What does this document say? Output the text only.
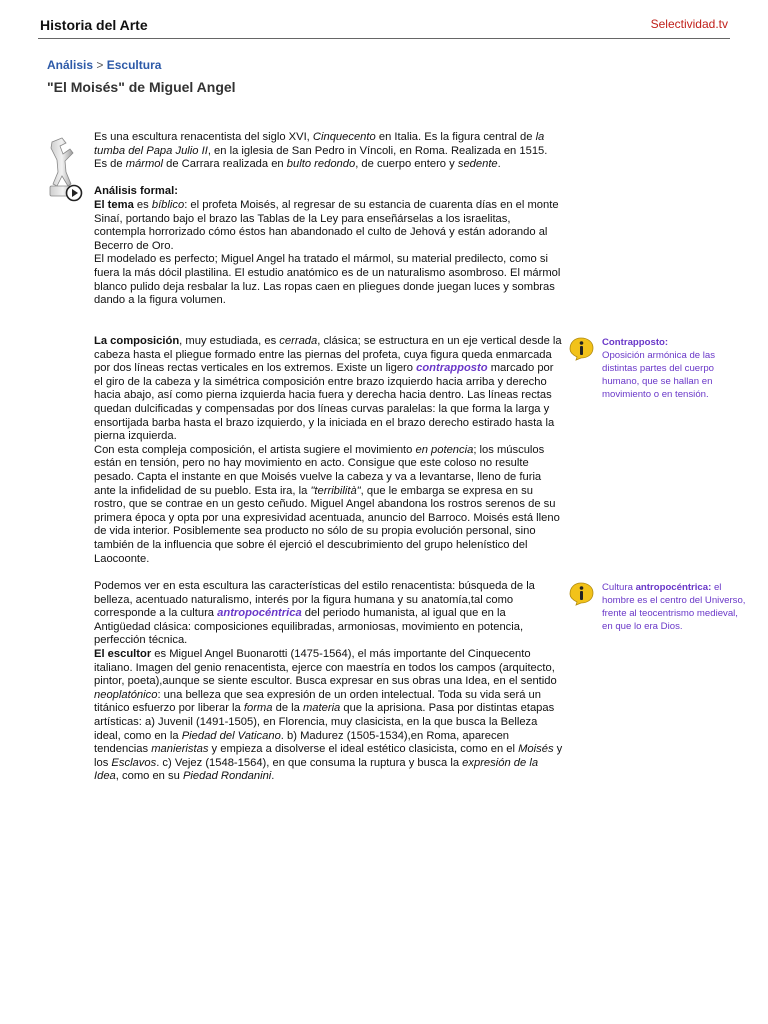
Historia del Arte	Selectividad.tv
Análisis > Escultura
"El Moisés" de Miguel Angel

Es una escultura renacentista del siglo XVI, Cinquecento en Italia. Es la figura central de la tumba del Papa Julio II, en la iglesia de San Pedro in Víncoli, en Roma. Realizada en 1515.

Es de mármol de Carrara realizada en bulto redondo, de cuerpo entero y sedente.

Análisis formal:

El tema es bíblico: el profeta Moisés, al regresar de su estancia de cuarenta días en el monte Sinaí, portando bajo el brazo las Tablas de la Ley para enseñárselas a los israelitas, contempla horrorizado cómo éstos han abandonado el culto de Jehová y están adorando al Becerro de Oro.

El modelado es perfecto; Miguel Angel ha tratado el mármol, su material predilecto, como si fuera la más dócil plastilina. El estudio anatómico es de un naturalismo asombroso. El mármol blanco pulido deja resbalar la luz. Las ropas caen en pliegues donde juegan luces y sombras dando a la figura volumen.

La composición, muy estudiada, es cerrada, clásica; se estructura en un eje vertical desde la cabeza hasta el pliegue formado entre las piernas del profeta, cuya figura queda enmarcada por dos líneas rectas verticales en los extremos. Existe un ligero contrapposto marcado por el giro de la cabeza y la simétrica composición entre brazo izquierdo hacia arriba y derecho hacia abajo, así como pierna izquierda hacia fuera y derecha hacia dentro. Las líneas rectas quedan dulcificadas y compensadas por dos líneas curvas paralelas: la que forma la larga y ensortijada barba hasta el brazo izquierdo, y la iniciada en el brazo derecho estirado hasta la pierna izquierda.

Con esta compleja composición, el artista sugiere el movimiento en potencia; los músculos están en tensión, pero no hay movimiento en acto. Consigue que este coloso no resulte pesado. Capta el instante en que Moisés vuelve la cabeza y va a levantarse, lleno de furia ante la infidelidad de su pueblo. Esta ira, la "terribilità", que le embarga se expresa en su rostro, que se contrae en un gesto ceñudo. Miguel Angel abandona los rostros serenos de su primera época y opta por una expresividad acentuada, anuncio del Barroco. Moisés está lleno de vida interior. Posiblemente sea producto no sólo de su propia evolución personal, sino también de la influencia que sobre él ejerció el descubrimiento del grupo helenístico del Laocoonte.

Podemos ver en esta escultura las características del estilo renacentista: búsqueda de la belleza, acentuado naturalismo, interés por la figura humana y su anatomía,tal como corresponde a la cultura antropocéntrica del periodo humanista, al igual que en la Antigüedad clásica: composiciones equilibradas, armoniosas, movimiento en potencia, perfección técnica.

El escultor es Miguel Angel Buonarotti (1475-1564), el más importante del Cinquecento italiano. Imagen del genio renacentista, ejerce con maestría en todos los campos (arquitecto, pintor, poeta),aunque se siente escultor. Busca expresar en sus obras una Idea, en el sentido neoplatónico: una belleza que sea expresión de un orden intelectual. Toda su vida será un titánico esfuerzo por liberar la forma de la materia que la aprisiona. Pasa por distintas etapas artísticas: a) Juvenil (1491-1505), en Florencia, muy clasicista, en la que busca la Belleza ideal, como en la Piedad del Vaticano. b) Madurez (1505-1534),en Roma, aparecen tendencias manieristas y empieza a disolverse el ideal estético clasicista, como en el Moisés y los Esclavos. c) Vejez (1548-1564), en que consuma la ruptura y busca la expresión de la Idea, como en su Piedad Rondanini.

Contrapposto:
Oposición armónica de las distintas partes del cuerpo humano, que se hallan en movimiento o en tensión.
Cultura antropocéntrica: el hombre es el centro del Universo, frente al teocentrismo medieval, en que lo era Dios.
